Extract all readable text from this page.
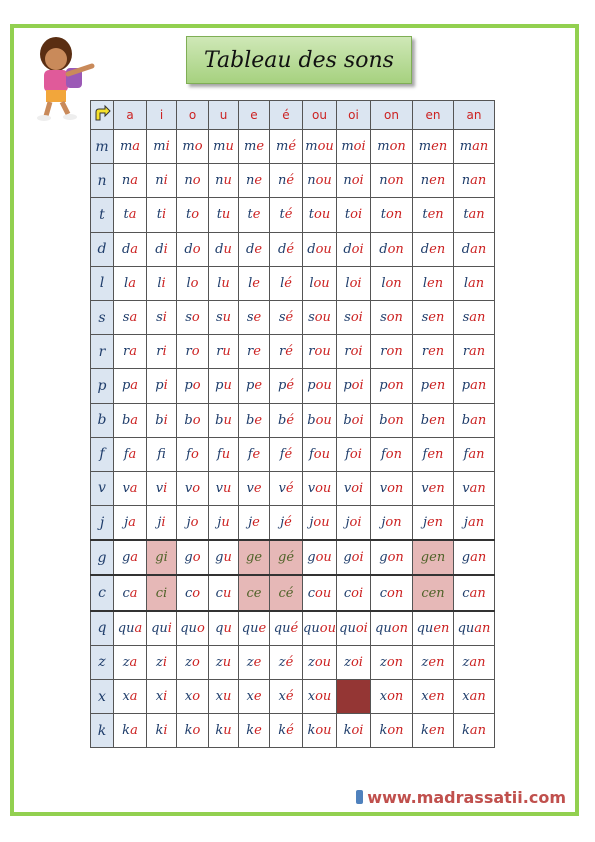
Tableau des sons
	a	i	o	u	e	é	ou	oi	on	en	an
m	ma	mi	mo	mu	me	mé	mou	moi	mon	men	man
n	na	ni	no	nu	ne	né	nou	noi	non	nen	nan
t	ta	ti	to	tu	te	té	tou	toi	ton	ten	tan
d	da	di	do	du	de	dé	dou	doi	don	den	dan
l	la	li	lo	lu	le	lé	lou	loi	lon	len	lan
s	sa	si	so	su	se	sé	sou	soi	son	sen	san
r	ra	ri	ro	ru	re	ré	rou	roi	ron	ren	ran
p	pa	pi	po	pu	pe	pé	pou	poi	pon	pen	pan
b	ba	bi	bo	bu	be	bé	bou	boi	bon	ben	ban
f	fa	f	fo	fu	fe	fé	fou	foi	fon	fen	fan
v	va	vi	vo	vu	ve	vé	vou	voi	von	ven	van
j	ja	ji	jo	ju	je	jé	jou	joi	jon	jen	jan
g	ga	gi	go	gu	ge	gé	gou	goi	gon	gen	gan
c	ca	ci	co	cu	ce	cé	cou	coi	con	cen	can
q	qua	qui	quo	qu	que	qué	quou	quoi	quon	quen	quan
z	za	zi	zo	zu	ze	zé	zou	zoi	zon	zen	zan
x	xa	xi	xo	xu	xe	xé	xou		xon	xen	xan
k	ka	ki	ko	ku	ke	ké	kou	koi	kon	ken	kan
www.madrassatii.com
